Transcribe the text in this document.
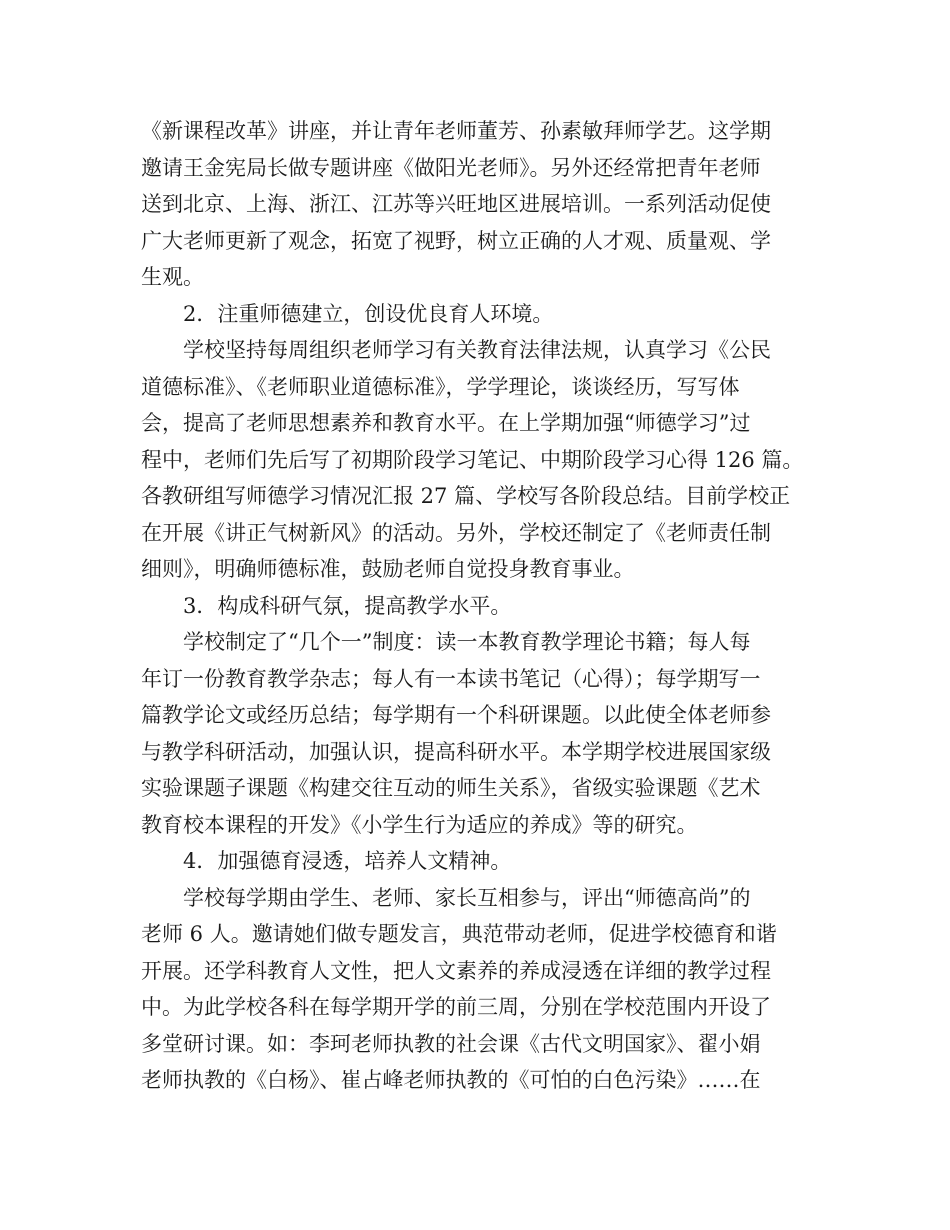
《新课程改革》讲座，并让青年老师董芳、孙素敏拜师学艺。这学期
邀请王金宪局长做专题讲座《做阳光老师》。另外还经常把青年老师
送到北京、上海、浙江、江苏等兴旺地区进展培训。一系列活动促使
广大老师更新了观念，拓宽了视野，树立正确的人才观、质量观、学
生观。
2．注重师德建立，创设优良育人环境。
学校坚持每周组织老师学习有关教育法律法规，认真学习《公民
道德标准》、《老师职业道德标准》，学学理论，谈谈经历，写写体
会，提高了老师思想素养和教育水平。在上学期加强“师德学习”过
程中，老师们先后写了初期阶段学习笔记、中期阶段学习心得 126 篇。
各教研组写师德学习情况汇报 27 篇、学校写各阶段总结。目前学校正
在开展《讲正气树新风》的活动。另外，学校还制定了《老师责任制
细则》，明确师德标准，鼓励老师自觉投身教育事业。
3．构成科研气氛，提高教学水平。
学校制定了“几个一”制度：读一本教育教学理论书籍；每人每
年订一份教育教学杂志；每人有一本读书笔记（心得）；每学期写一
篇教学论文或经历总结；每学期有一个科研课题。以此使全体老师参
与教学科研活动，加强认识，提高科研水平。本学期学校进展国家级
实验课题子课题《构建交往互动的师生关系》，省级实验课题《艺术
教育校本课程的开发》《小学生行为适应的养成》等的研究。
4．加强德育浸透，培养人文精神。
学校每学期由学生、老师、家长互相参与，评出“师德高尚”的
老师 6 人。邀请她们做专题发言，典范带动老师，促进学校德育和谐
开展。还学科教育人文性，把人文素养的养成浸透在详细的教学过程
中。为此学校各科在每学期开学的前三周，分别在学校范围内开设了
多堂研讨课。如：李珂老师执教的社会课《古代文明国家》、翟小娟
老师执教的《白杨》、崔占峰老师执教的《可怕的白色污染》……在
